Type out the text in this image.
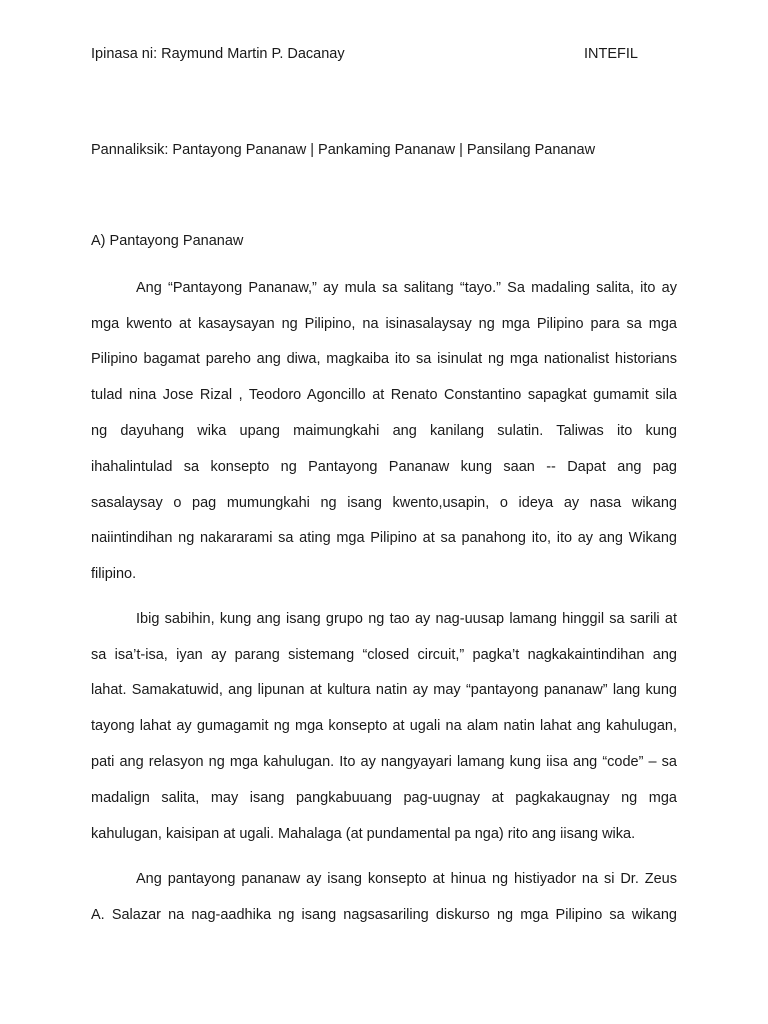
Ipinasa ni: Raymund Martin P. Dacanay	INTEFIL
Pannaliksik: Pantayong Pananaw | Pankaming Pananaw | Pansilang Pananaw
A) Pantayong Pananaw
Ang “Pantayong Pananaw,” ay mula sa salitang “tayo.” Sa madaling salita, ito ay
mga kwento at kasaysayan ng Pilipino, na isinasalaysay ng mga Pilipino para sa mga
Pilipino bagamat pareho ang diwa, magkaiba ito sa isinulat ng mga nationalist historians
tulad nina Jose Rizal , Teodoro Agoncillo at Renato Constantino sapagkat gumamit sila
ng dayuhang wika upang maimungkahi ang kanilang sulatin. Taliwas ito kung
ihahalintulad sa konsepto ng Pantayong Pananaw kung saan -- Dapat ang pag
sasalaysay o pag mumungkahi ng isang kwento,usapin, o ideya ay nasa wikang
naiintindihan ng nakararami sa ating mga Pilipino at sa panahong ito, ito ay ang Wikang
filipino.
Ibig sabihin, kung ang isang grupo ng tao ay nag-uusap lamang hinggil sa sarili at
sa isa’t-isa, iyan ay parang sistemang “closed circuit,” pagka’t nagkakaintindihan ang
lahat. Samakatuwid, ang lipunan at kultura natin ay may “pantayong pananaw” lang kung
tayong lahat ay gumagamit ng mga konsepto at ugali na alam natin lahat ang kahulugan,
pati ang relasyon ng mga kahulugan. Ito ay nangyayari lamang kung iisa ang “code” – sa
madalign salita, may isang pangkabuuang pag-uugnay at pagkakaugnay ng mga
kahulugan, kaisipan at ugali. Mahalaga (at pundamental pa nga) rito ang iisang wika.
Ang pantayong pananaw ay isang konsepto at hinua ng histiyador na si Dr. Zeus
A. Salazar na nag-aadhika ng isang nagsasariling diskurso ng mga Pilipino sa wikang
